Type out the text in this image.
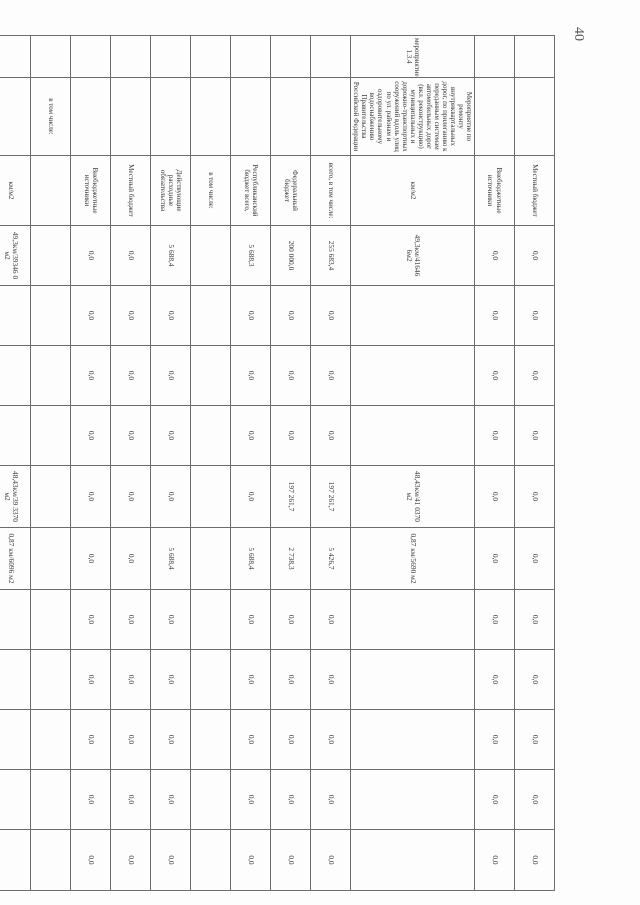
40
		Местный бюджет	0,0	0,0	0,0	0,0	0,0	0,0	0,0	0,0	0,0	0,0	0,0
		Внебюджетные источники	0,0	0,0	0,0	0,0	0,0	0,0	0,0	0,0	0,0	0,0	0,0
мероприятие 1.3.4	Мероприятие по ремонту внутриквартальных дорог, по прилеганию к переданным системам автомобильных дорог (вкл. реконструкцию) муниципальных и дорожно-транспортных сооружений вдоль улиц по ул. районам и оздоровительному водоснабжению Правительства Российской Федерации	км/м2	49,3км/41646 6м2				48,43км/41 0370 м2	0,87 км/5690 м2					
		всего, в том числе:	255 683,4	0,0	0,0	0,0	197 261,7	5 426,7	0,0	0,0	0,0	0,0	0,0
		Федеральный бюджет	200 000,0	0,0	0,0	0,0	197 261,7	2 738,3	0,0	0,0	0,0	0,0	0,0
		Республиканский бюджет всего,	5 688,3	0,0	0,0	0,0	0,0	5 688,4	0,0	0,0	0,0	0,0	0,0
		в том числе:											
		Действующие расходные обязательства	5 688,4	0,0	0,0	0,0	0,0	5 688,4	0,0	0,0	0,0	0,0	0,0
		Местный бюджет	0,0	0,0	0,0	0,0	0,0	0,0	0,0	0,0	0,0	0,0	0,0
		Внебюджетные источники	0,0	0,0	0,0	0,0	0,0	0,0	0,0	0,0	0,0	0,0	0,0
	в том числе:												
		км/м2	49,3км/39346 0 м2				48,43км/39 3370 м2	0,87 км/6096 м2					
